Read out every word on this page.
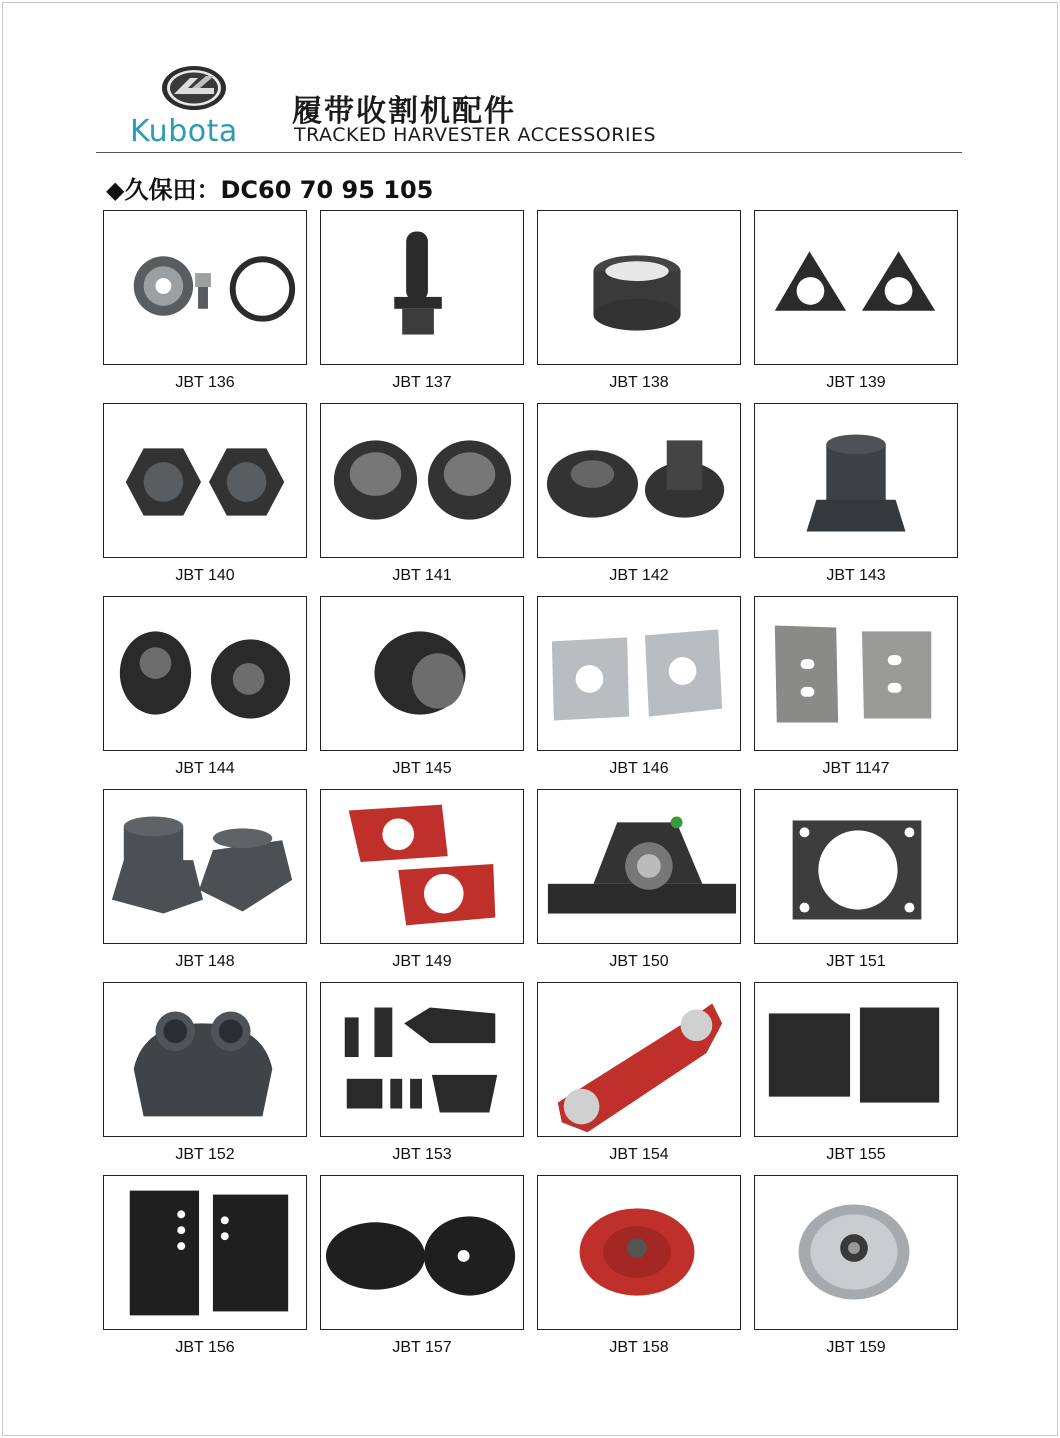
Kubota
履带收割机配件
TRACKED HARVESTER ACCESSORIES
◆久保田：DC60 70 95 105
JBT 136	JBT 137	JBT 138	JBT 139
JBT 140	JBT 141	JBT 142	JBT 143
JBT 144	JBT 145	JBT 146	JBT 1147
JBT 148	JBT 149	JBT 150	JBT 151
JBT 152	JBT 153	JBT 154	JBT 155
JBT 156	JBT 157	JBT 158	JBT 159
